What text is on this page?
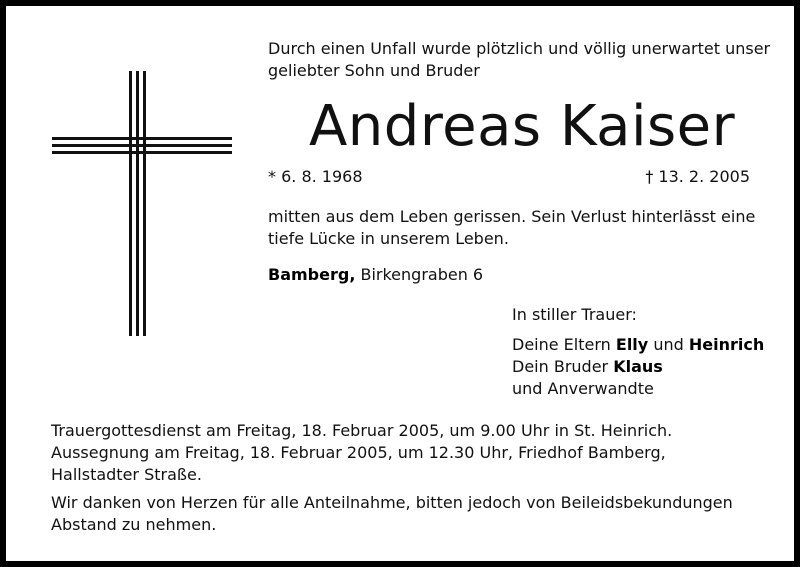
Durch einen Unfall wurde plötzlich und völlig unerwartet unser
geliebter Sohn und Bruder
Andreas Kaiser
* 6. 8. 1968	† 13. 2. 2005
mitten aus dem Leben gerissen. Sein Verlust hinterlässt eine
tiefe Lücke in unserem Leben.
Bamberg, Birkengraben 6
In stiller Trauer:
Deine Eltern Elly und Heinrich
Dein Bruder Klaus
und Anverwandte
Trauergottesdienst am Freitag, 18. Februar 2005, um 9.00 Uhr in St. Heinrich.
Aussegnung am Freitag, 18. Februar 2005, um 12.30 Uhr, Friedhof Bamberg,
Hallstadter Straße.
Wir danken von Herzen für alle Anteilnahme, bitten jedoch von Beileidsbekundungen
Abstand zu nehmen.
